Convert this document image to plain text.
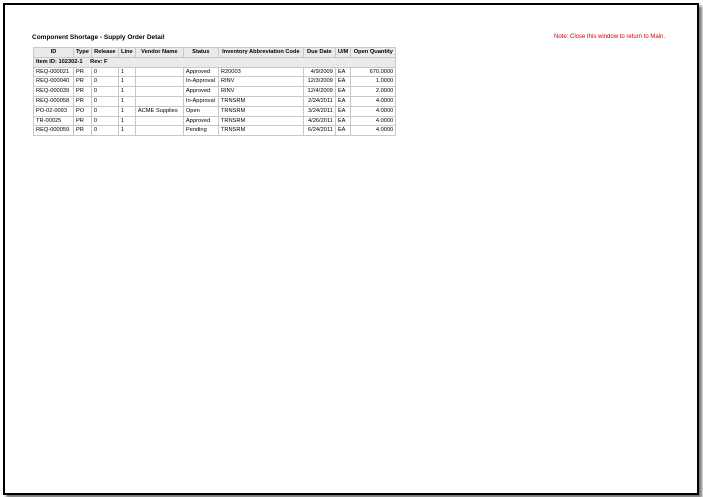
Component Shortage - Supply Order Detail	Note: Close this window to return to Main.
ID	Type	Release	Line	Vendor Name	Status	Inventory Abbreviation Code	Due Date	U/M	Open Quantity
Item ID: 102302-1 Rev: F									
REQ-000021	PR	0	1		Approved	R20003	4/9/2009	EA	670.0000
REQ-000040	PR	0	1		In-Approval	RINV	12/3/2009	EA	1.0000
REQ-000039	PR	0	1		Approved	RINV	12/4/2009	EA	2.0000
REQ-000058	PR	0	1		In-Approval	TRNSRM	2/24/2011	EA	4.0000
PO-02-0093	PO	0	1	ACME Supplies	Open	TRNSRM	3/24/2011	EA	4.0000
TR-00025	PR	0	1		Approved	TRNSRM	4/26/2011	EA	4.0000
REQ-000059	PR	0	1		Pending	TRNSRM	6/24/2011	EA	4.0000
